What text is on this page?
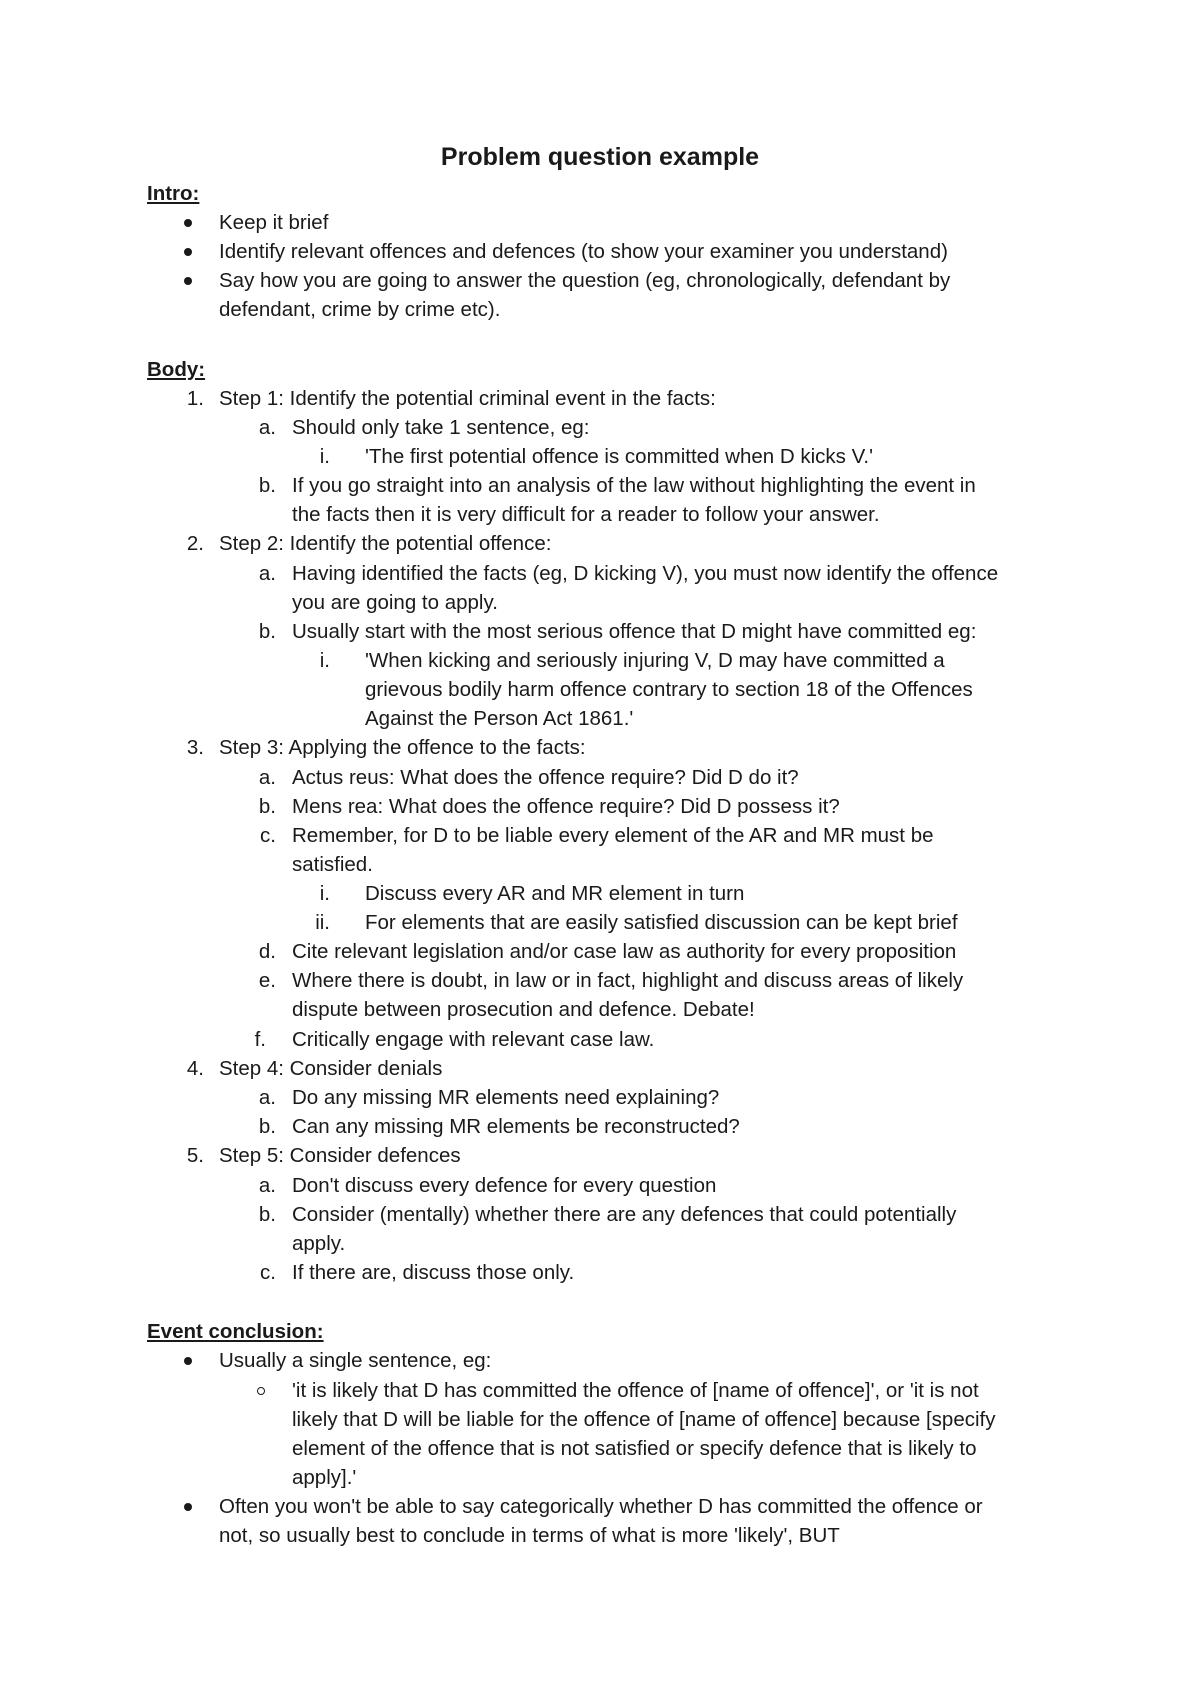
Problem question example
Intro:
Keep it brief
Identify relevant offences and defences (to show your examiner you understand)
Say how you are going to answer the question (eg, chronologically, defendant by
defendant, crime by crime etc).
Body:
1. Step 1: Identify the potential criminal event in the facts:
a. Should only take 1 sentence, eg:
i. 'The first potential offence is committed when D kicks V.'
b. If you go straight into an analysis of the law without highlighting the event in
the facts then it is very difficult for a reader to follow your answer.
2. Step 2: Identify the potential offence:
a. Having identified the facts (eg, D kicking V), you must now identify the offence
you are going to apply.
b. Usually start with the most serious offence that D might have committed eg:
i. 'When kicking and seriously injuring V, D may have committed a
grievous bodily harm offence contrary to section 18 of the Offences
Against the Person Act 1861.'
3. Step 3: Applying the offence to the facts:
a. Actus reus: What does the offence require? Did D do it?
b. Mens rea: What does the offence require? Did D possess it?
c. Remember, for D to be liable every element of the AR and MR must be
satisfied.
i. Discuss every AR and MR element in turn
ii. For elements that are easily satisfied discussion can be kept brief
d. Cite relevant legislation and/or case law as authority for every proposition
e. Where there is doubt, in law or in fact, highlight and discuss areas of likely
dispute between prosecution and defence. Debate!
f. Critically engage with relevant case law.
4. Step 4: Consider denials
a. Do any missing MR elements need explaining?
b. Can any missing MR elements be reconstructed?
5. Step 5: Consider defences
a. Don't discuss every defence for every question
b. Consider (mentally) whether there are any defences that could potentially
apply.
c. If there are, discuss those only.
Event conclusion:
Usually a single sentence, eg:
'it is likely that D has committed the offence of [name of offence]', or 'it is not
likely that D will be liable for the offence of [name of offence] because [specify
element of the offence that is not satisfied or specify defence that is likely to
apply].'
Often you won't be able to say categorically whether D has committed the offence or
not, so usually best to conclude in terms of what is more 'likely', BUT
